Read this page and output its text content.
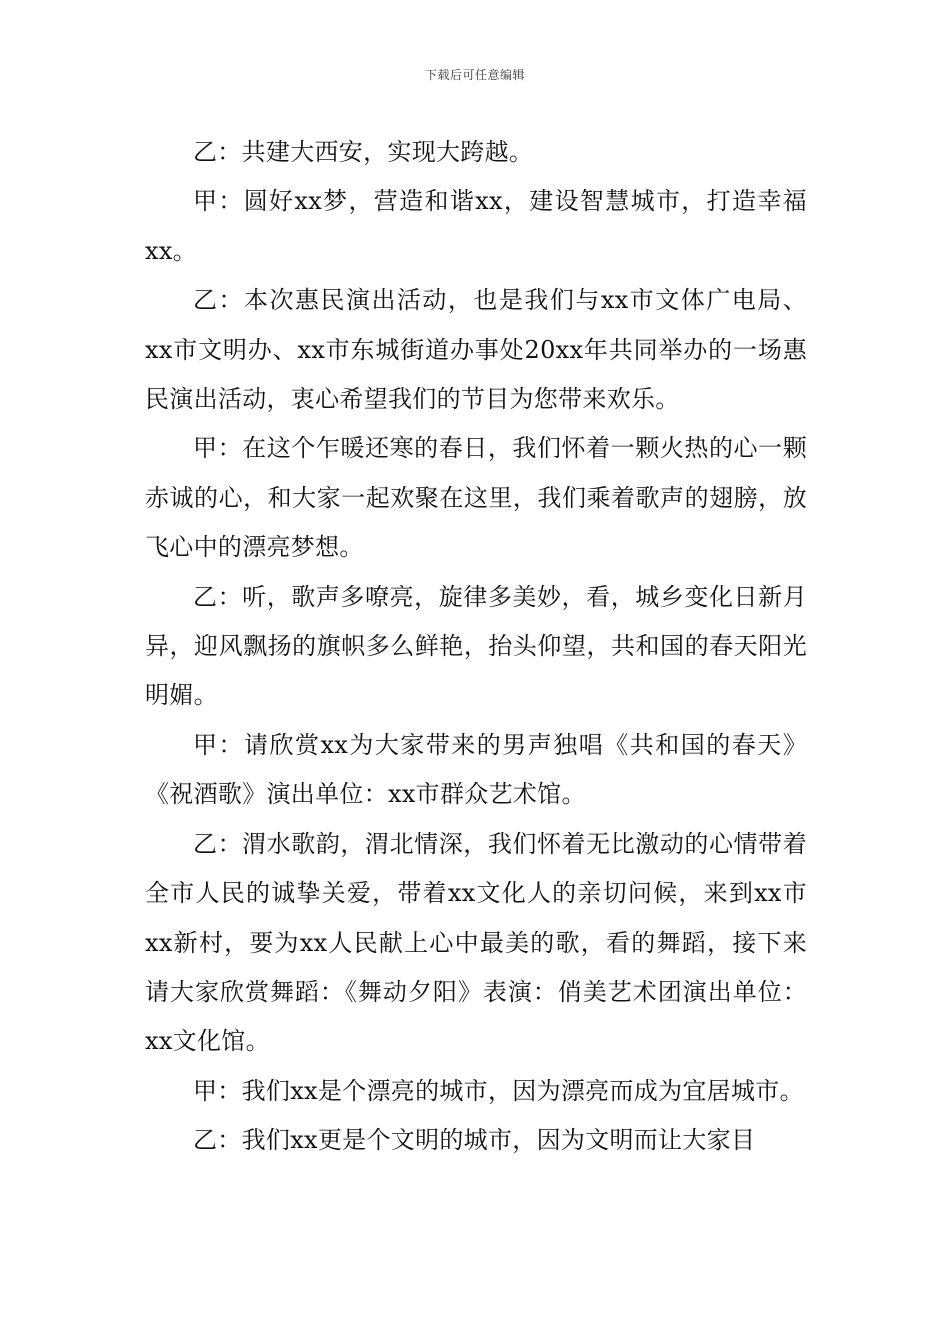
下载后可任意编辑

乙：共建大西安，实现大跨越。

甲：圆好xx梦，营造和谐xx，建设智慧城市，打造幸福xx。

乙：本次惠民演出活动，也是我们与xx市文体广电局、xx市文明办、xx市东城街道办事处20xx年共同举办的一场惠民演出活动，衷心希望我们的节目为您带来欢乐。

甲：在这个乍暖还寒的春日，我们怀着一颗火热的心一颗赤诚的心，和大家一起欢聚在这里，我们乘着歌声的翅膀，放飞心中的漂亮梦想。

乙：听，歌声多嘹亮，旋律多美妙，看，城乡变化日新月异，迎风飘扬的旗帜多么鲜艳，抬头仰望，共和国的春天阳光明媚。

甲：请欣赏xx为大家带来的男声独唱《共和国的春天》《祝酒歌》演出单位：xx市群众艺术馆。

乙：渭水歌韵，渭北情深，我们怀着无比激动的心情带着全市人民的诚挚关爱，带着xx文化人的亲切问候，来到xx市xx新村，要为xx人民献上心中最美的歌，看的舞蹈，接下来请大家欣赏舞蹈：《舞动夕阳》表演：俏美艺术团演出单位：xx文化馆。

甲：我们xx是个漂亮的城市，因为漂亮而成为宜居城市。

乙：我们xx更是个文明的城市，因为文明而让大家目
